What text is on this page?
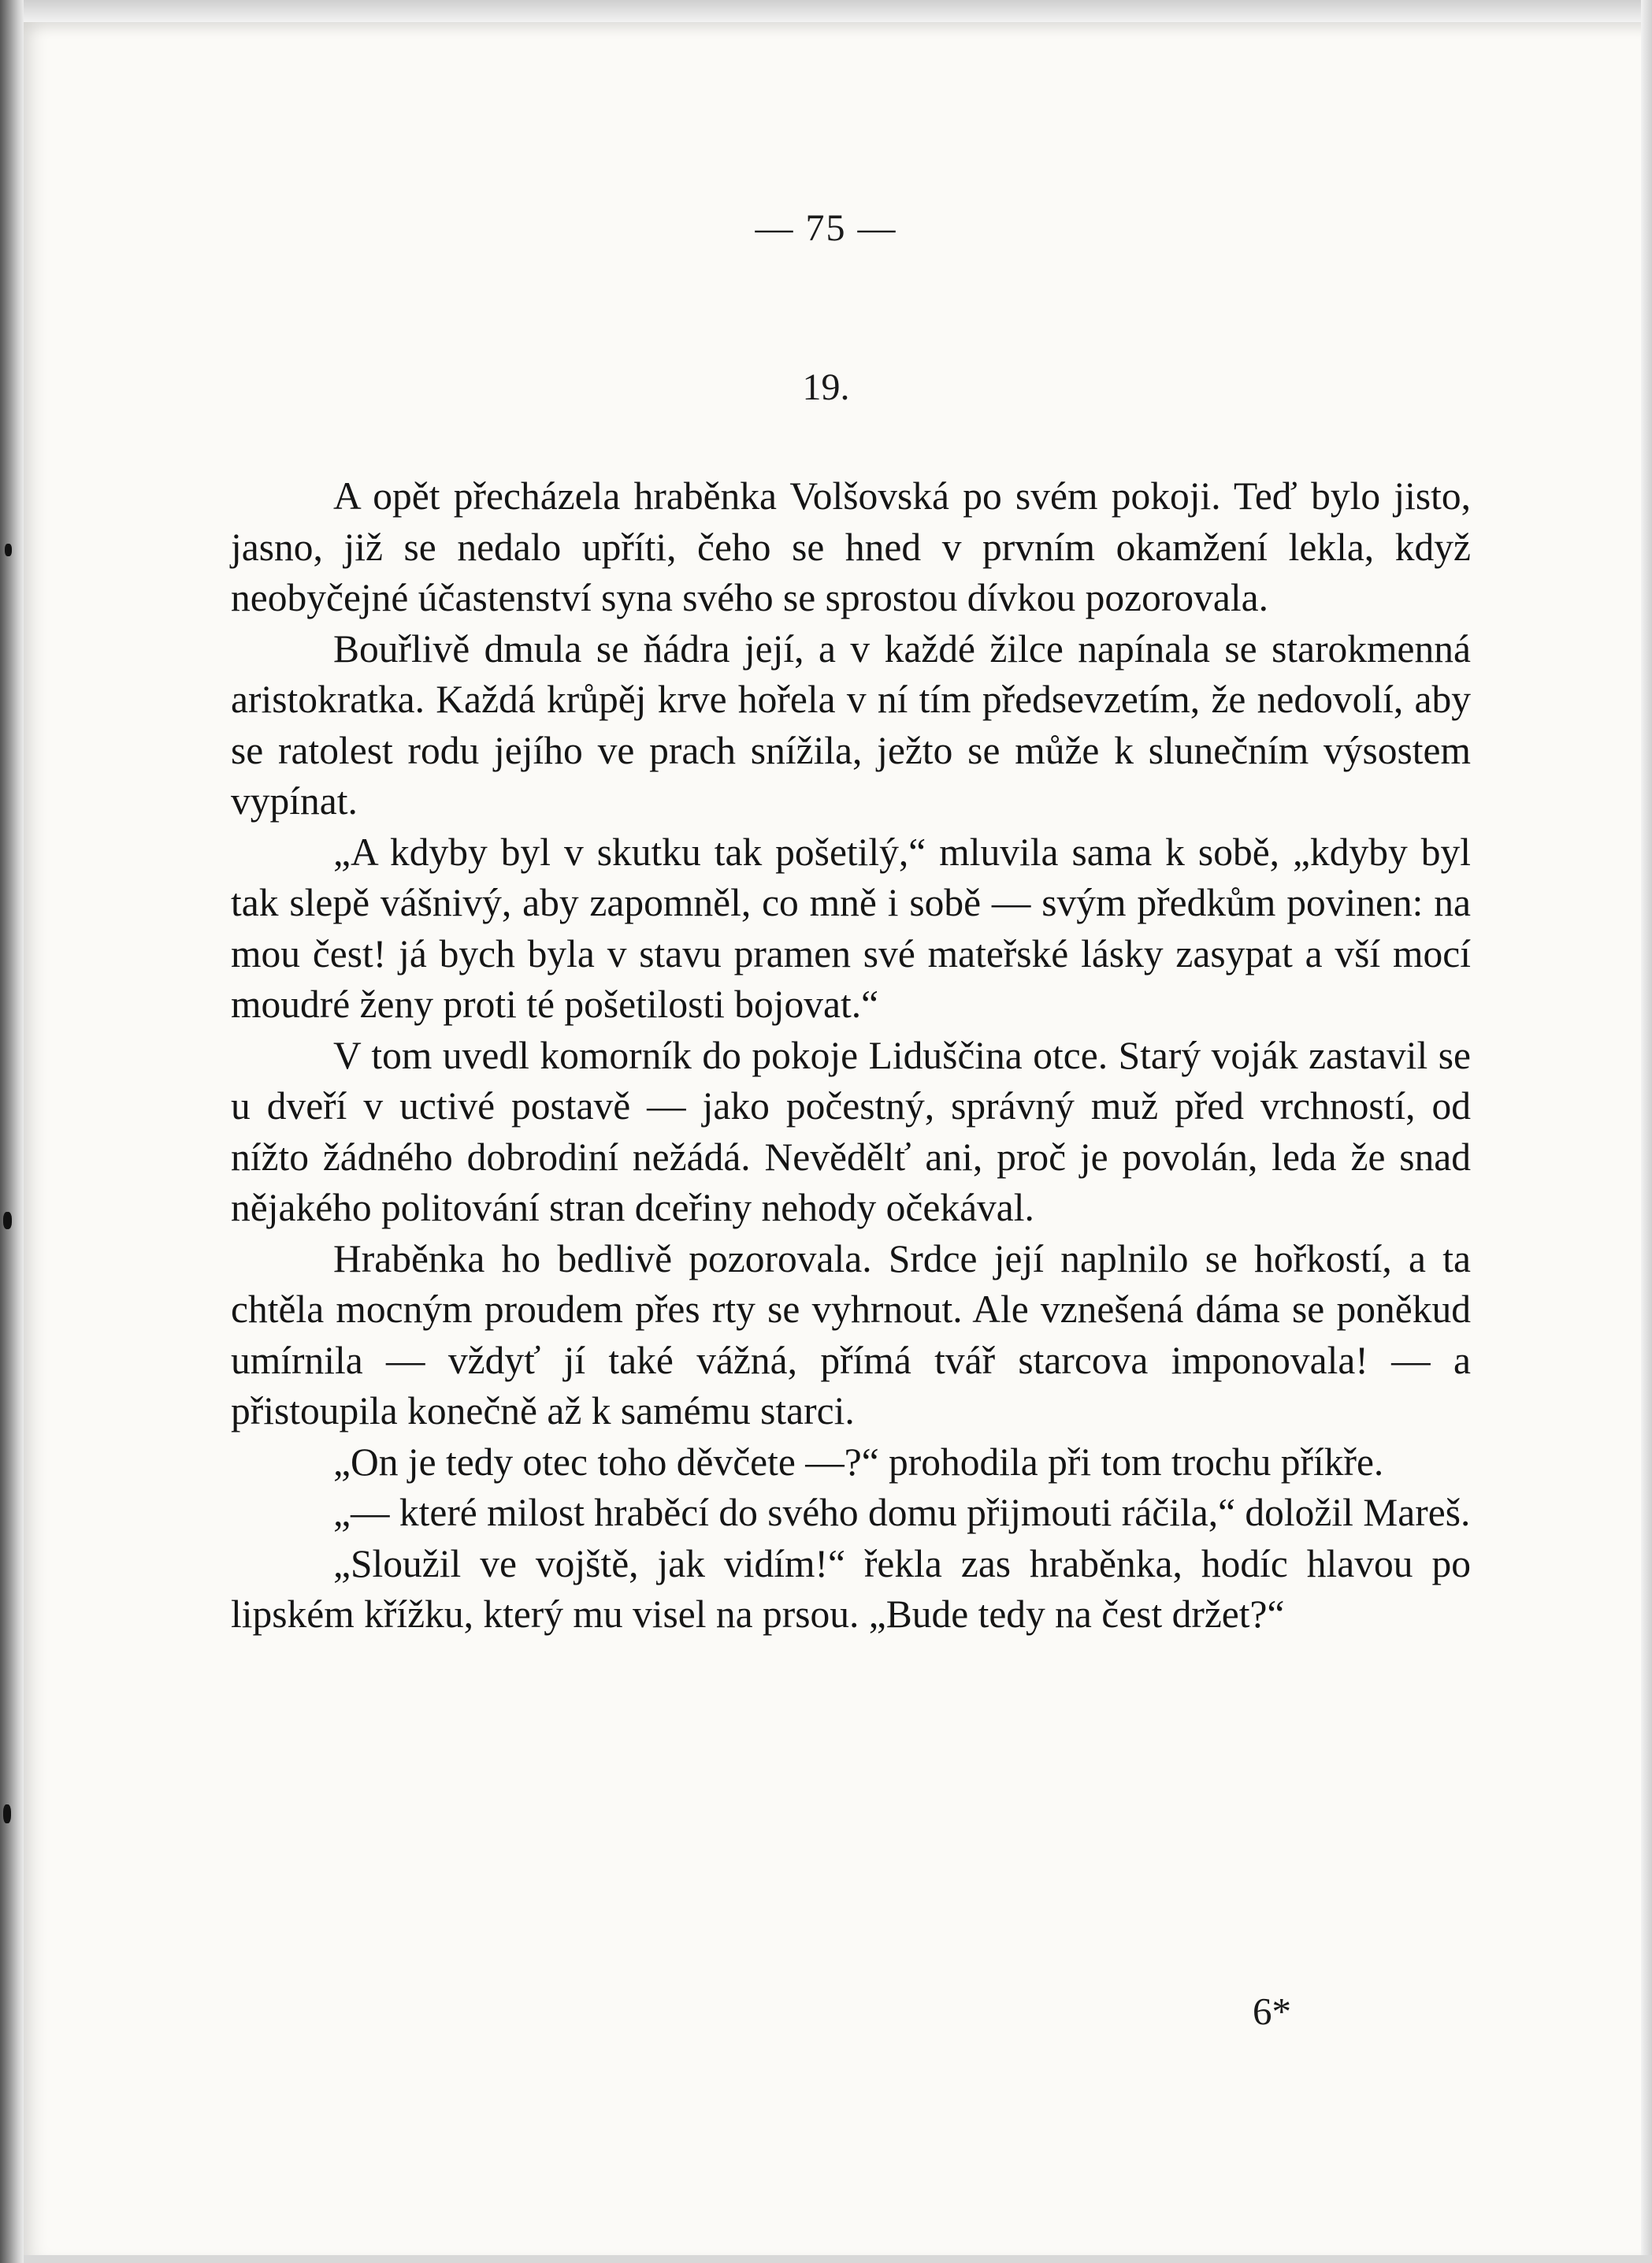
— 75 —
19.

A opět přecházela hraběnka Volšovská po svém pokoji. Teď bylo jisto, jasno, již se nedalo upříti, čeho se hned v prvním okamžení lekla, když neobyčejné účastenství syna svého se sprostou dívkou pozorovala.

Bouřlivě dmula se ňádra její, a v každé žilce napínala se starokmenná aristokratka. Každá krůpěj krve hořela v ní tím předsevzetím, že nedovolí, aby se ratolest rodu jejího ve prach snížila, ježto se může k slunečním výsostem vypínat.

„A kdyby byl v skutku tak pošetilý,“ mluvila sama k sobě, „kdyby byl tak slepě vášnivý, aby zapomněl, co mně i sobě — svým předkům povinen: na mou čest! já bych byla v stavu pramen své mateřské lásky zasypat a vší mocí moudré ženy proti té pošetilosti bojovat.“

V tom uvedl komorník do pokoje Liduščina otce. Starý voják zastavil se u dveří v uctivé postavě — jako počestný, správný muž před vrchností, od nížto žádného dobrodiní nežádá. Nevědělť ani, proč je povolán, leda že snad nějakého politování stran dceřiny nehody očekával.

Hraběnka ho bedlivě pozorovala. Srdce její naplnilo se hořkostí, a ta chtěla mocným proudem přes rty se vyhrnout. Ale vznešená dáma se poněkud umírnila — vždyť jí také vážná, přímá tvář starcova imponovala! — a přistoupila konečně až k samému starci.

„On je tedy otec toho děvčete —?“ prohodila při tom trochu příkře.

„— které milost hraběcí do svého domu přijmouti ráčila,“ doložil Mareš.

„Sloužil ve vojště, jak vidím!“ řekla zas hraběnka, hodíc hlavou po lipském křížku, který mu visel na prsou. „Bude tedy na čest držet?“

6*
